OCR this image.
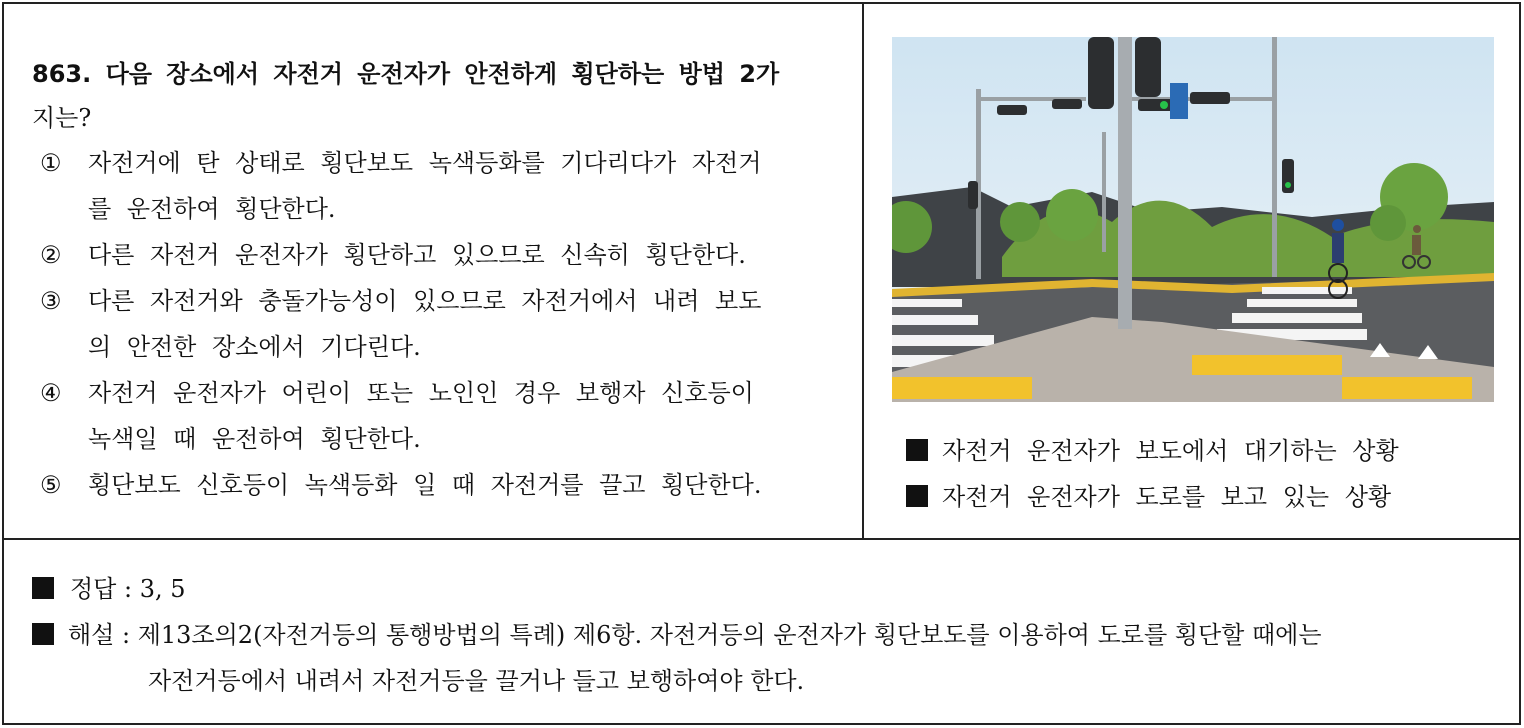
863. 다음 장소에서 자전거 운전자가 안전하게 횡단하는 방법 2가
지는?
① 자전거에 탄 상태로 횡단보도 녹색등화를 기다리다가 자전거
를 운전하여 횡단한다.
② 다른 자전거 운전자가 횡단하고 있으므로 신속히 횡단한다.
③ 다른 자전거와 충돌가능성이 있으므로 자전거에서 내려 보도
의 안전한 장소에서 기다린다.
④ 자전거 운전자가 어린이 또는 노인인 경우 보행자 신호등이
녹색일 때 운전하여 횡단한다.
⑤ 횡단보도 신호등이 녹색등화 일 때 자전거를 끌고 횡단한다.
자전거 운전자가 보도에서 대기하는 상황
자전거 운전자가 도로를 보고 있는 상황
정답 : 3, 5
해설 : 제13조의2(자전거등의 통행방법의 특례) 제6항. 자전거등의 운전자가 횡단보도를 이용하여 도로를 횡단할 때에는
자전거등에서 내려서 자전거등을 끌거나 들고 보행하여야 한다.
